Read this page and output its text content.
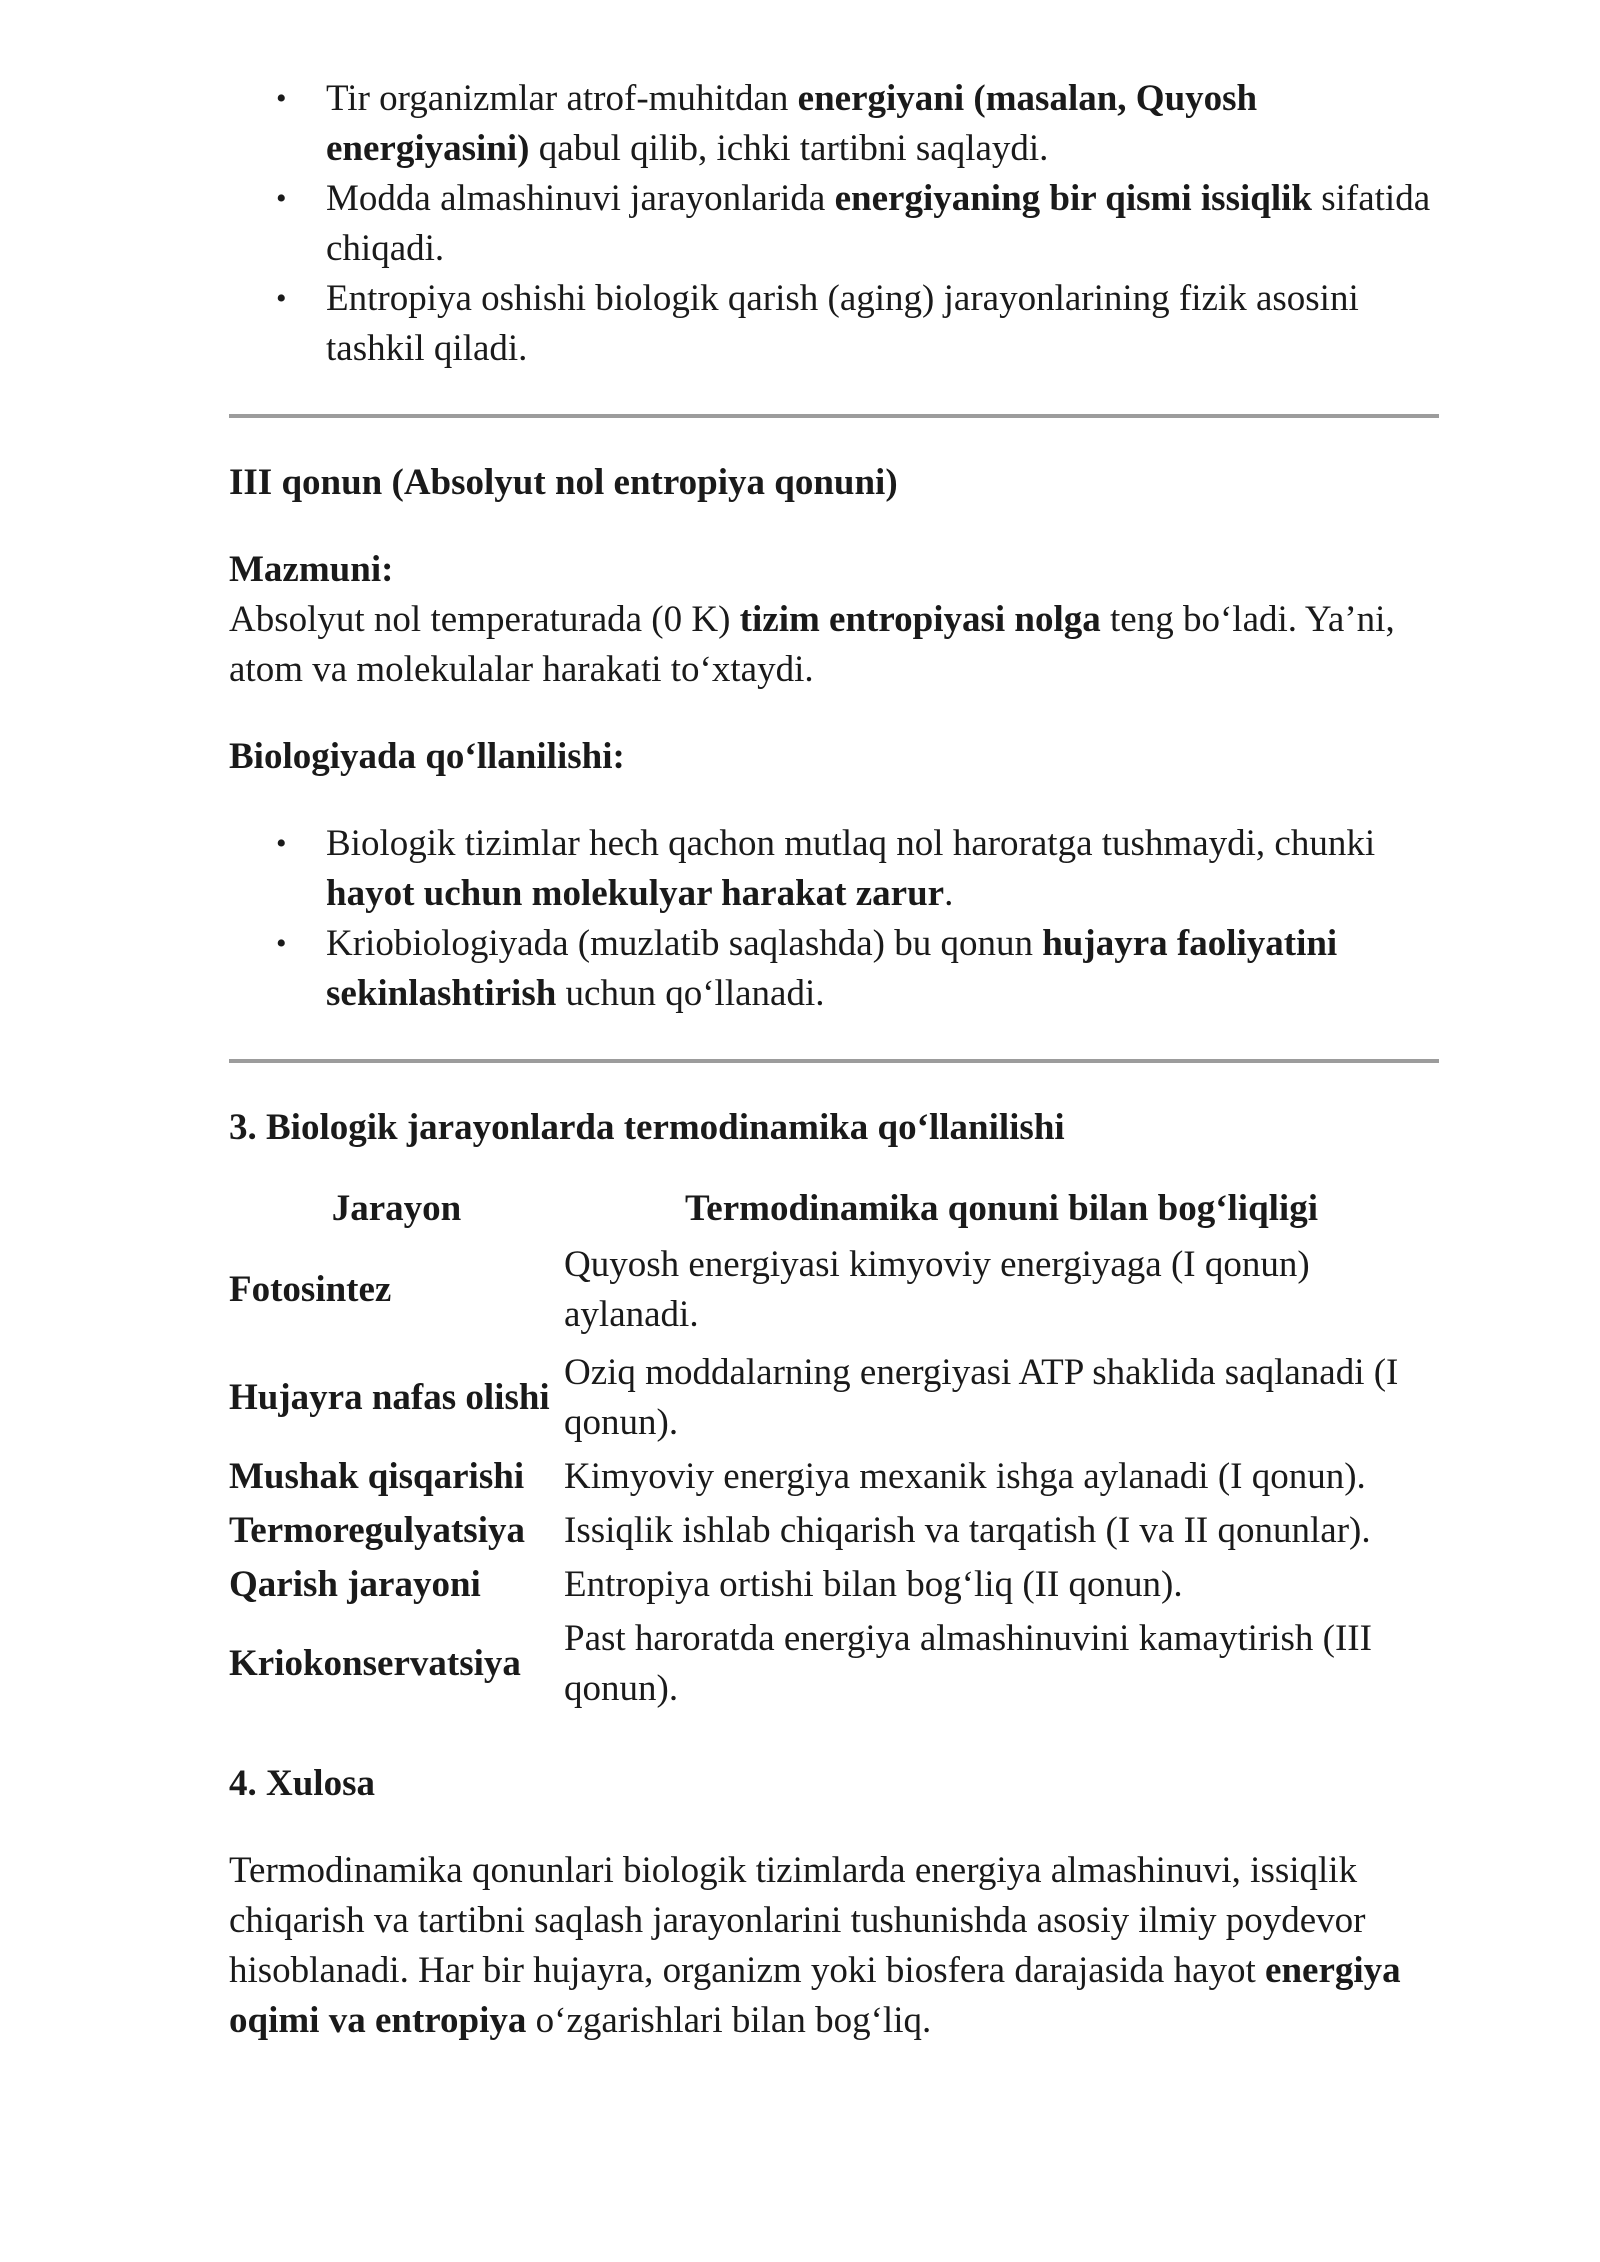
• Tir organizmlar atrof-muhitdan energiyani (masalan, Quyosh energiyasini) qabul qilib, ichki tartibni saqlaydi.
• Modda almashinuvi jarayonlarida energiyaning bir qismi issiqlik sifatida chiqadi.
• Entropiya oshishi biologik qarish (aging) jarayonlarining fizik asosini tashkil qiladi.
III qonun (Absolyut nol entropiya qonuni)

Mazmuni:

Absolyut nol temperaturada (0 K) tizim entropiyasi nolga teng bo‘ladi. Ya’ni, atom va molekulalar harakati to‘xtaydi.

Biologiyada qo‘llanilishi:

• Biologik tizimlar hech qachon mutlaq nol haroratga tushmaydi, chunki hayot uchun molekulyar harakat zarur.
• Kriobiologiyada (muzlatib saqlashda) bu qonun hujayra faoliyatini sekinlashtirish uchun qo‘llanadi.
3. Biologik jarayonlarda termodinamika qo‘llanilishi
Jarayon	Termodinamika qonuni bilan bog‘liqligi
Fotosintez	Quyosh energiyasi kimyoviy energiyaga (I qonun) aylanadi.
Hujayra nafas olishi	Oziq moddalarning energiyasi ATP shaklida saqlanadi (I qonun).
Mushak qisqarishi	Kimyoviy energiya mexanik ishga aylanadi (I qonun).
Termoregulyatsiya	Issiqlik ishlab chiqarish va tarqatish (I va II qonunlar).
Qarish jarayoni	Entropiya ortishi bilan bog‘liq (II qonun).
Kriokonservatsiya	Past haroratda energiya almashinuvini kamaytirish (III qonun).
4. Xulosa

Termodinamika qonunlari biologik tizimlarda energiya almashinuvi, issiqlik chiqarish va tartibni saqlash jarayonlarini tushunishda asosiy ilmiy poydevor hisoblanadi. Har bir hujayra, organizm yoki biosfera darajasida hayot energiya oqimi va entropiya o‘zgarishlari bilan bog‘liq.
